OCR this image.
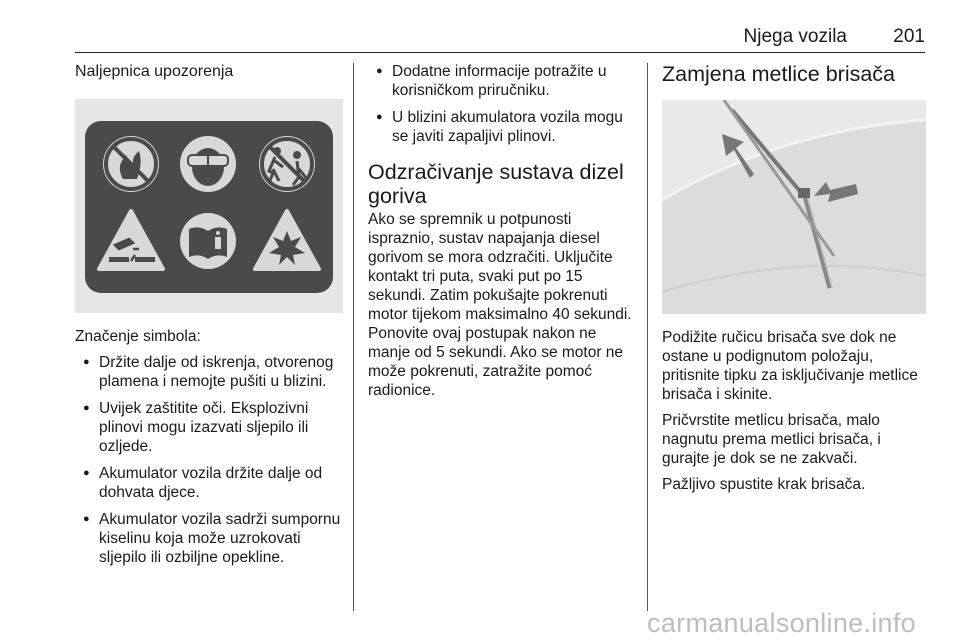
Njega vozila 201
Naljepnica upozorenja

Značenje simbola:

● Držite dalje od iskrenja, otvorenog plamena i nemojte pušiti u blizini.
● Uvijek zaštitite oči. Eksplozivni plinovi mogu izazvati sljepilo ili ozljede.
● Akumulator vozila držite dalje od dohvata djece.
● Akumulator vozila sadrži sumpornu kiselinu koja može uzrokovati sljepilo ili ozbiljne opekline.
● Dodatne informacije potražite u korisničkom priručniku.
● U blizini akumulatora vozila mogu se javiti zapaljivi plinovi.
Odzračivanje sustava dizel goriva

Ako se spremnik u potpunosti ispraznio, sustav napajanja diesel gorivom se mora odzračiti. Uključite kontakt tri puta, svaki put po 15 sekundi. Zatim pokušajte pokrenuti motor tijekom maksimalno 40 sekundi. Ponovite ovaj postupak nakon ne manje od 5 sekundi. Ako se motor ne može pokrenuti, zatražite pomoć radionice.

Zamjena metlice brisača

Podižite ručicu brisača sve dok ne ostane u podignutom položaju, pritisnite tipku za isključivanje metlice brisača i skinite.

Pričvrstite metlicu brisača, malo nagnutu prema metlici brisača, i gurajte je dok se ne zakvači.

Pažljivo spustite krak brisača.

carmanualsonline.info
